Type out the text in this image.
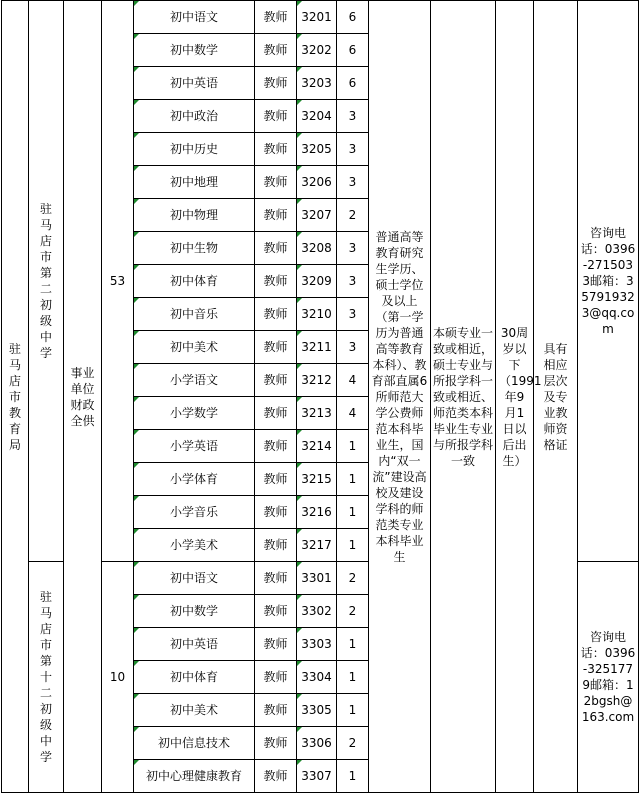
驻马店市教育局	驻马店市第二初级中学	事业单位财政全供	53	初中语文	教师	3201	6	普通高等教育研究生学历、硕士学位及以上（第一学历为普通高等教育本科）、教育部直属6所师范大学公费师范本科毕业生，国内“双一流”建设高校及建设学科的师范类专业本科毕业生	本硕专业一致或相近，硕士专业与所报学科一致或相近、师范类本科毕业生专业与所报学科一致	30周岁以下（1991年9月1日以后出生）	具有相应层次及专业教师资格证	咨询电话：0396-2715033邮箱：357919323@qq.com

初中数学	教师	3202	6					

初中英语	教师	3203	6					

初中政治	教师	3204	3					

初中历史	教师	3205	3					

初中地理	教师	3206	3					

初中物理	教师	3207	2					

初中生物	教师	3208	3					

初中体育	教师	3209	3					

初中音乐	教师	3210	3					

初中美术	教师	3211	3					

小学语文	教师	3212	4					

小学数学	教师	3213	4					

小学英语	教师	3214	1					

小学体育	教师	3215	1					

小学音乐	教师	3216	1					

小学美术	教师	3217	1					
	驻马店市第十二初级中学		10	初中语文	教师	3301	2					咨询电话：0396-3251779邮箱：12bgsh@163.com

初中数学	教师	3302	2					

初中英语	教师	3303	1					

初中体育	教师	3304	1					

初中美术	教师	3305	1					

初中信息技术	教师	3306	2					

初中心理健康教育	教师	3307	1					
